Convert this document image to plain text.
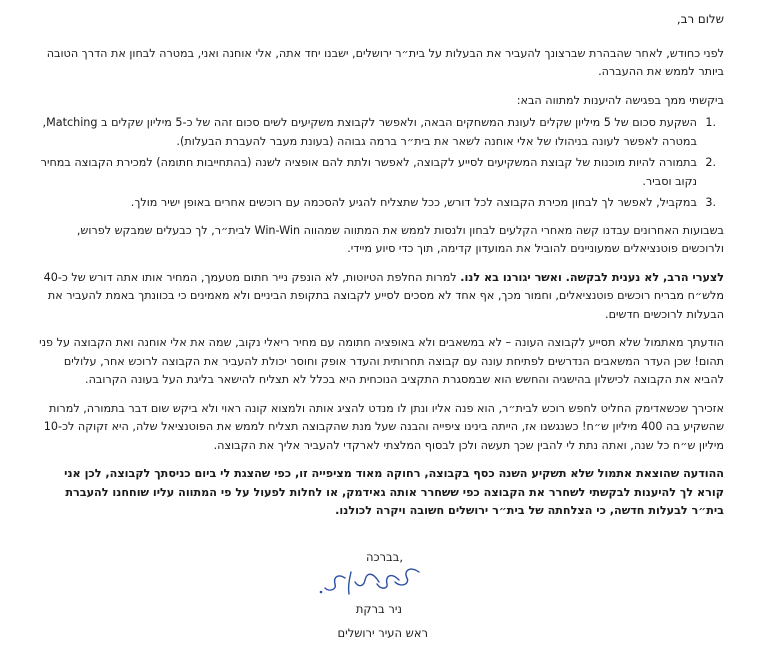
שלום רב,

לפני כחודש, לאחר שהבהרת שברצונך להעביר את הבעלות על בית״ר ירושלים, ישבנו יחד אתה, אלי אוחנה ואני, במטרה לבחון את הדרך הטובה ביותר לממש את ההעברה.

ביקשתי ממך בפגישה להיענות למתווה הבא:

.1
השקעת סכום של 5 מיליון שקלים לעונת המשחקים הבאה, ולאפשר לקבוצת משקיעים לשים סכום זהה של כ-5 מיליון שקלים ב Matching, במטרה לאפשר לעונה בניהולו של אלי אוחנה לשאר את בית״ר ברמה גבוהה (בעונת מעבר להעברת הבעלות).
.2
בתמורה להיות מוכנות של קבוצת המשקיעים לסייע לקבוצה, לאפשר ולתת להם אופציה לשנה (בהתחייבות חתומה) למכירת הקבוצה במחיר נקוב וסביר.
.3
במקביל, לאפשר לך לבחון מכירת הקבוצה לכל דורש, ככל שתצליח להגיע להסכמה עם רוכשים אחרים באופן ישיר מולך.

בשבועות האחרונים עבדנו קשה מאחרי הקלעים לבחון ולנסות לממש את המתווה שמהווה Win-Win לבית״ר, לך כבעלים שמבקש לפרוש, ולרוכשים פוטנציאלים שמעוניינים להוביל את המועדון קדימה, תוך כדי סיוע מיידי.

לצערי הרב, לא נענית לבקשה. ואשר יגורנו בא לנו. למרות החלפת הטיוטות, לא הונפק נייר חתום מטעמך, המחיר אותו אתה דורש של כ-40 מלש״ח מבריח רוכשים פוטנציאלים, וחמור מכך, אף אחד לא מסכים לסייע לקבוצה בתקופת הביניים ולא מאמינים כי בכוונתך באמת להעביר את הבעלות לרוכשים חדשים.

הודעתך מאתמול שלא תסייע לקבוצה העונה – לא במשאבים ולא באופציה חתומה עם מחיר ריאלי נקוב, שמה את אלי אוחנה ואת הקבוצה על פני תהום! שכן העדר המשאבים הנדרשים לפתיחת עונה עם קבוצה תחרותית והעדר אופק וחוסר יכולת להעביר את הקבוצה לרוכש אחר, עלולים להביא את הקבוצה לכישלון בהישגיה והחשש הוא שבמסגרת התקציב הנוכחית היא בכלל לא תצליח להישאר בליגת העל בעונה הקרובה.

אזכירך שכשאדימק החליט לחפש רוכש לבית״ר, הוא פנה אליו ונתן לו מנדט להציג אותה ולמצוא קונה ראוי ולא ביקש שום דבר בתמורה, למרות שהשקיע בה 400 מיליון ש״ח! כשנגשנו אז, הייתה בינינו ציפייה והבנה שעל מנת שהקבוצה תצליח לממש את הפוטנציאל שלה, היא זקוקה לכ-10 מיליון ש״ח כל שנה, ואתה נתת לי להבין שכך תעשה ולכן לבסוף המלצתי לארקדי להעביר אליך את הקבוצה.

ההודעה שהוצאת אתמול שלא תשקיע השנה כסף בקבוצה, רחוקה מאוד מציפייה זו, כפי שהצגת לי ביום כניסתך לקבוצה, לכן אני קורא לך להיענות לבקשתי לשחרר את הקבוצה כפי ששחרר אותה גאידמק, או לחלות לפעול על פי המתווה עליו שוחחנו להעברת בית״ר לבעלות חדשה, כי הצלחתה של בית״ר ירושלים חשובה ויקרה לכולנו.

בברכה,
ניר ברקת
ראש העיר ירושלים
